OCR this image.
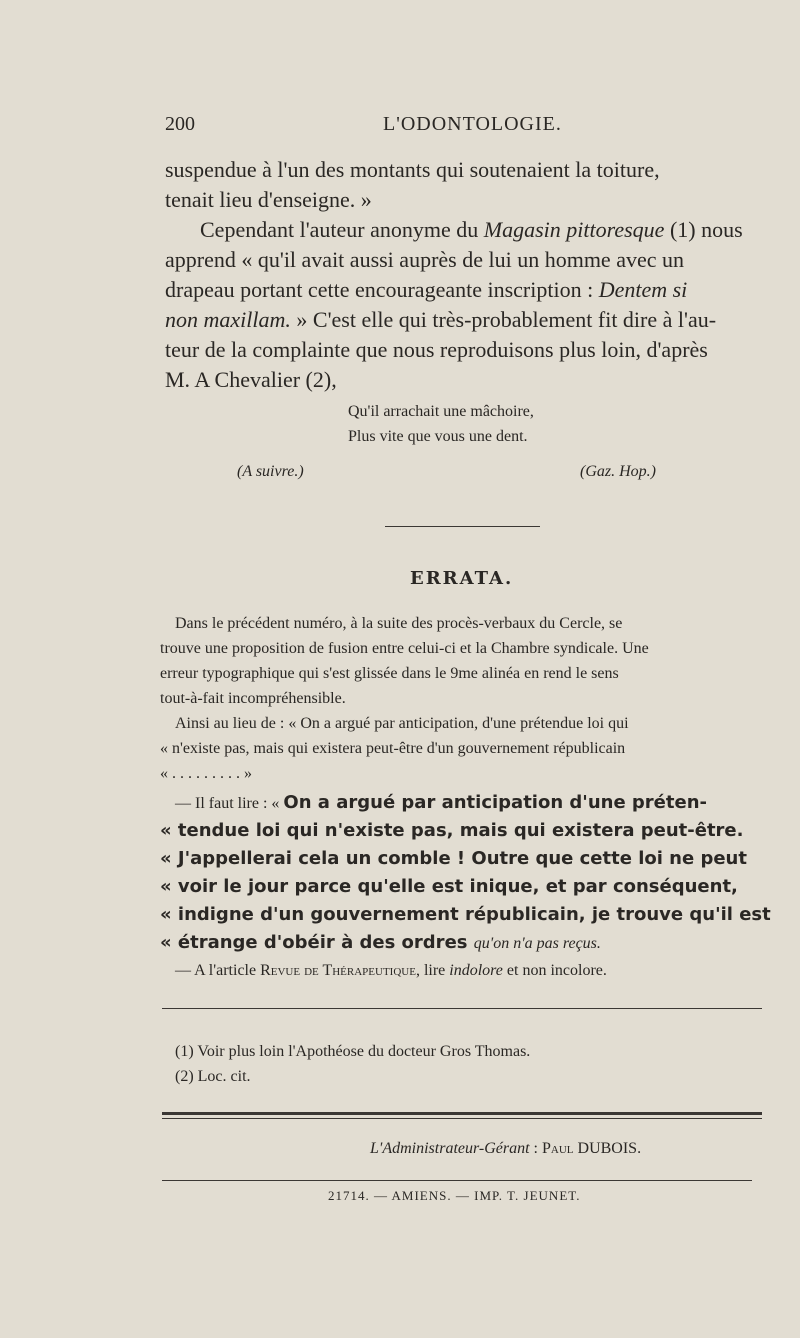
200	L'ODONTOLOGIE.
suspendue à l'un des montants qui soutenaient la toiture,
tenait lieu d'enseigne. »
Cependant l'auteur anonyme du Magasin pittoresque (1) nous
apprend « qu'il avait aussi auprès de lui un homme avec un
drapeau portant cette encourageante inscription : Dentem si
non maxillam. » C'est elle qui très-probablement fit dire à l'au-
teur de la complainte que nous reproduisons plus loin, d'après
M. A Chevalier (2),
Qu'il arrachait une mâchoire,
Plus vite que vous une dent.
(A suivre.)	(Gaz. Hop.)
ERRATA.
Dans le précédent numéro, à la suite des procès-verbaux du Cercle, se
trouve une proposition de fusion entre celui-ci et la Chambre syndicale. Une
erreur typographique qui s'est glissée dans le 9me alinéa en rend le sens
tout-à-fait incompréhensible.
Ainsi au lieu de : « On a argué par anticipation, d'une prétendue loi qui
« n'existe pas, mais qui existera peut-être d'un gouvernement républicain
« . . . . . . . . . »
— Il faut lire : « On a argué par anticipation d'une préten-
« tendue loi qui n'existe pas, mais qui existera peut-être.
« J'appellerai cela un comble ! Outre que cette loi ne peut
« voir le jour parce qu'elle est inique, et par conséquent,
« indigne d'un gouvernement républicain, je trouve qu'il est
« étrange d'obéir à des ordres qu'on n'a pas reçus.
— A l'article Revue de Thérapeutique, lire indolore et non incolore.
(1) Voir plus loin l'Apothéose du docteur Gros Thomas.
(2) Loc. cit.
L'Administrateur-Gérant : Paul DUBOIS.
21714. — AMIENS. — IMP. T. JEUNET.
